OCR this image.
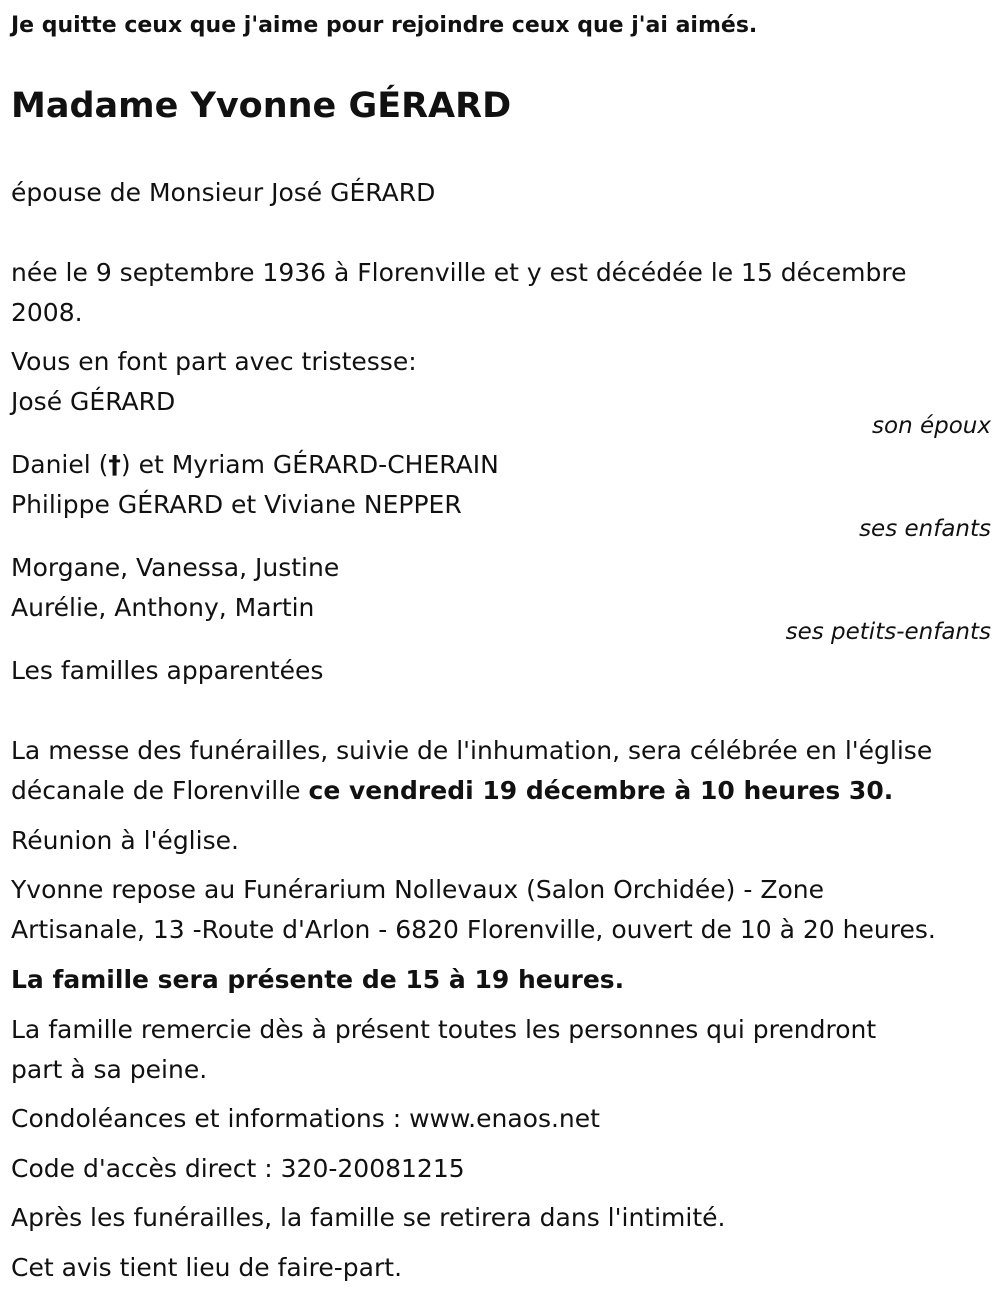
Je quitte ceux que j'aime pour rejoindre ceux que j'ai aimés.
Madame Yvonne GÉRARD
épouse de Monsieur José GÉRARD
née le 9 septembre 1936 à Florenville et y est décédée le 15 décembre
2008.
Vous en font part avec tristesse:
José GÉRARD
son époux
Daniel (†) et Myriam GÉRARD-CHERAIN
Philippe GÉRARD et Viviane NEPPER
ses enfants
Morgane, Vanessa, Justine
Aurélie, Anthony, Martin
ses petits-enfants
Les familles apparentées
La messe des funérailles, suivie de l'inhumation, sera célébrée en l'église
décanale de Florenville ce vendredi 19 décembre à 10 heures 30.
Réunion à l'église.
Yvonne repose au Funérarium Nollevaux (Salon Orchidée) - Zone
Artisanale, 13 -Route d'Arlon - 6820 Florenville, ouvert de 10 à 20 heures.
La famille sera présente de 15 à 19 heures.
La famille remercie dès à présent toutes les personnes qui prendront
part à sa peine.
Condoléances et informations : www.enaos.net
Code d'accès direct : 320-20081215
Après les funérailles, la famille se retirera dans l'intimité.
Cet avis tient lieu de faire-part.
